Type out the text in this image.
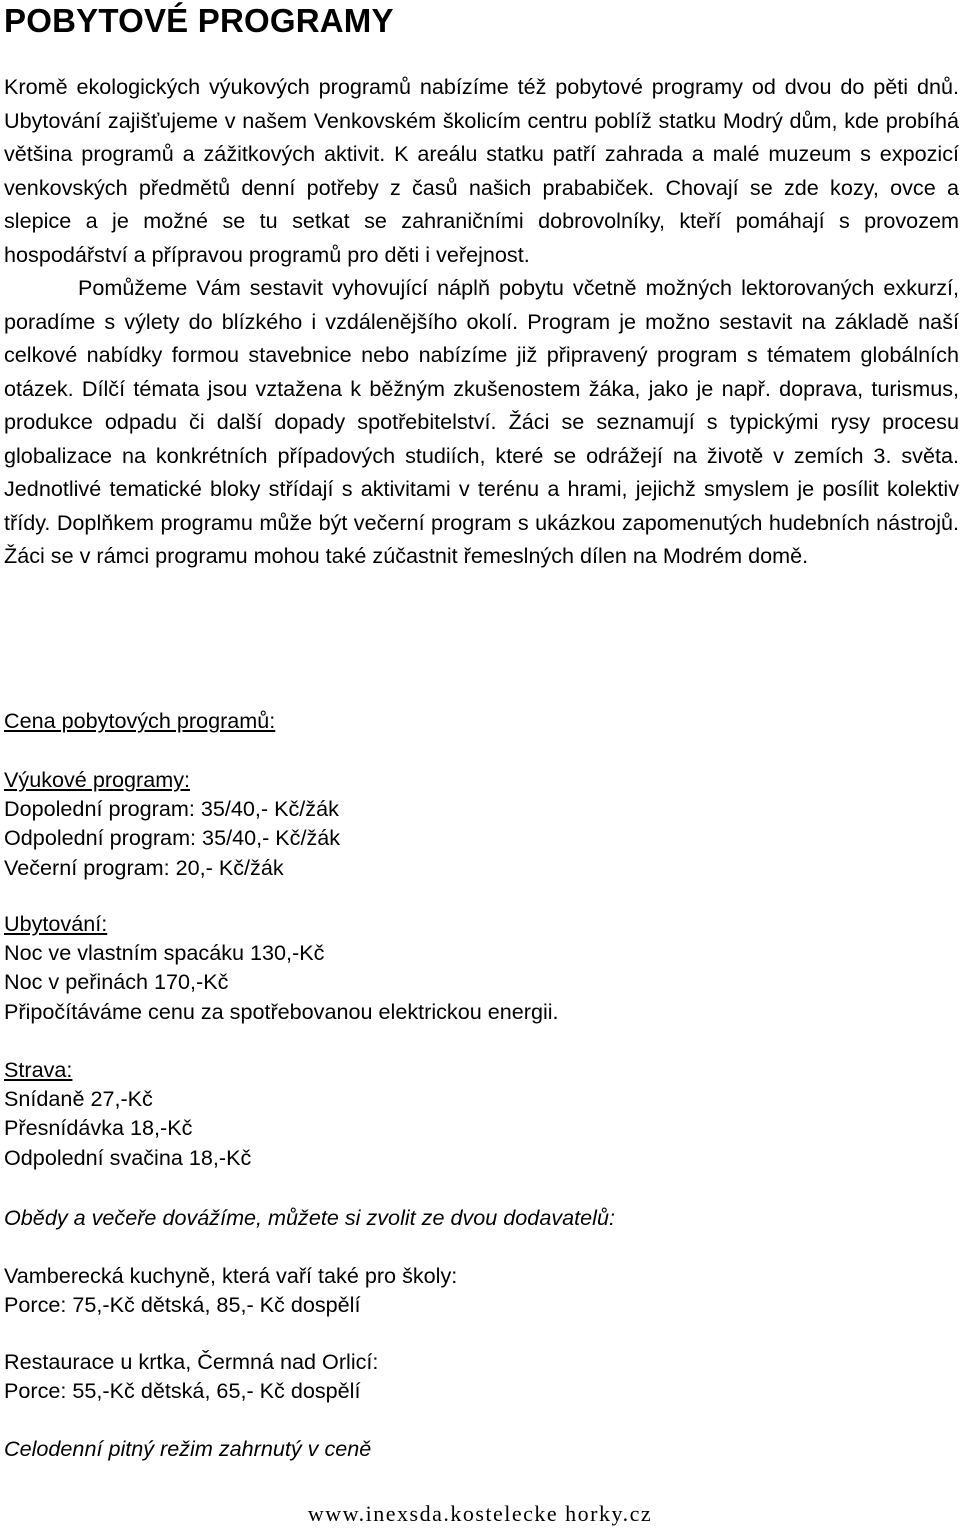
POBYTOVÉ PROGRAMY

Kromě ekologických výukových programů nabízíme též pobytové programy od dvou do pěti dnů. Ubytování zajišťujeme v našem Venkovském školicím centru poblíž statku Modrý dům, kde probíhá většina programů a zážitkových aktivit. K areálu statku patří zahrada a malé muzeum s expozicí venkovských předmětů denní potřeby z časů našich prababiček. Chovají se zde kozy, ovce a slepice a je možné se tu setkat se zahraničními dobrovolníky, kteří pomáhají s provozem hospodářství a přípravou programů pro děti i veřejnost.

Pomůžeme Vám sestavit vyhovující náplň pobytu včetně možných lektorovaných exkurzí, poradíme s výlety do blízkého i vzdálenějšího okolí. Program je možno sestavit na základě naší celkové nabídky formou stavebnice nebo nabízíme již připravený program s tématem globálních otázek. Dílčí témata jsou vztažena k běžným zkušenostem žáka, jako je např. doprava, turismus, produkce odpadu či další dopady spotřebitelství. Žáci se seznamují s typickými rysy procesu globalizace na konkrétních případových studiích, které se odrážejí na životě v zemích 3. světa. Jednotlivé tematické bloky střídají s aktivitami v terénu a hrami, jejichž smyslem je posílit kolektiv třídy. Doplňkem programu může být večerní program s ukázkou zapomenutých hudebních nástrojů. Žáci se v rámci programu mohou také zúčastnit řemeslných dílen na Modrém domě.

Cena pobytových programů:
Výukové programy:
Dopolední program: 35/40,- Kč/žák
Odpolední program: 35/40,- Kč/žák
Večerní program: 20,- Kč/žák
Ubytování:
Noc ve vlastním spacáku 130,-Kč
Noc v peřinách 170,-Kč
Připočítáváme cenu za spotřebovanou elektrickou energii.
Strava:
Snídaně 27,-Kč
Přesnídávka 18,-Kč
Odpolední svačina 18,-Kč
Obědy a večeře dovážíme, můžete si zvolit ze dvou dodavatelů:
Vamberecká kuchyně, která vaří také pro školy:
Porce: 75,-Kč dětská, 85,- Kč dospělí
Restaurace u krtka, Čermná nad Orlicí:
Porce: 55,-Kč dětská, 65,- Kč dospělí
Celodenní pitný režim zahrnutý v ceně
www.inexsda.kostelecke horky.cz
